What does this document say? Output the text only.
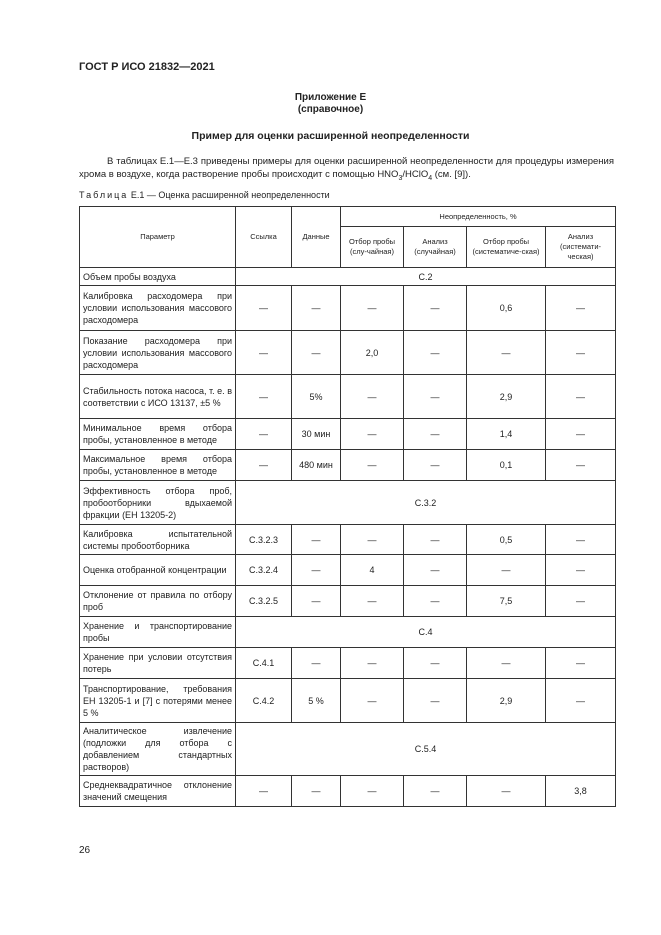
ГОСТ Р ИСО 21832—2021
Приложение Е
(справочное)
Пример для оценки расширенной неопределенности
В таблицах Е.1—Е.3 приведены примеры для оценки расширенной неопределенности для процедуры измерения хрома в воздухе, когда растворение пробы происходит с помощью $HNO_3/HClO_4$ (см. [9]).
Таблица Е.1 — Оценка расширенной неопределенности
Параметр	Ссылка	Данные	Неопределенность, %			
			Отбор пробы (слу-чайная)	Анализ (случайная)	Отбор пробы (систематиче-ская)	Анализ (системати-ческая)
Объем пробы воздуха	С.2					
Калибровка расходомера при условии использования массового расходомера	—	—	—	—	0,6	—
Показание расходомера при условии использования массового расходомера	—	—	2,0	—	—	—
Стабильность потока насоса, т. е. в соответствии с ИСО 13137, ±5 %	—	5%	—	—	2,9	—
Минимальное время отбора пробы, установленное в методе	—	30 мин	—	—	1,4	—
Максимальное время отбора пробы, установленное в методе	—	480 мин	—	—	0,1	—
Эффективность отбора проб, пробоотборники вдыхаемой фракции (ЕН 13205-2)	С.3.2					
Калибровка испытательной системы пробоотборника	С.3.2.3	—	—	—	0,5	—
Оценка отобранной концентрации	С.3.2.4	—	4	—	—	—
Отклонение от правила по отбору проб	С.3.2.5	—	—	—	7,5	—
Хранение и транспортирование пробы	С.4					
Хранение при условии отсутствия потерь	С.4.1	—	—	—	—	—
Транспортирование, требования ЕН 13205-1 и [7] с потерями менее 5 %	С.4.2	5 %	—	—	2,9	—
Аналитическое извлечение (подложки для отбора с добавлением стандартных растворов)	С.5.4					
Среднеквадратичное отклонение значений смещения	—	—	—	—	—	3,8
26
